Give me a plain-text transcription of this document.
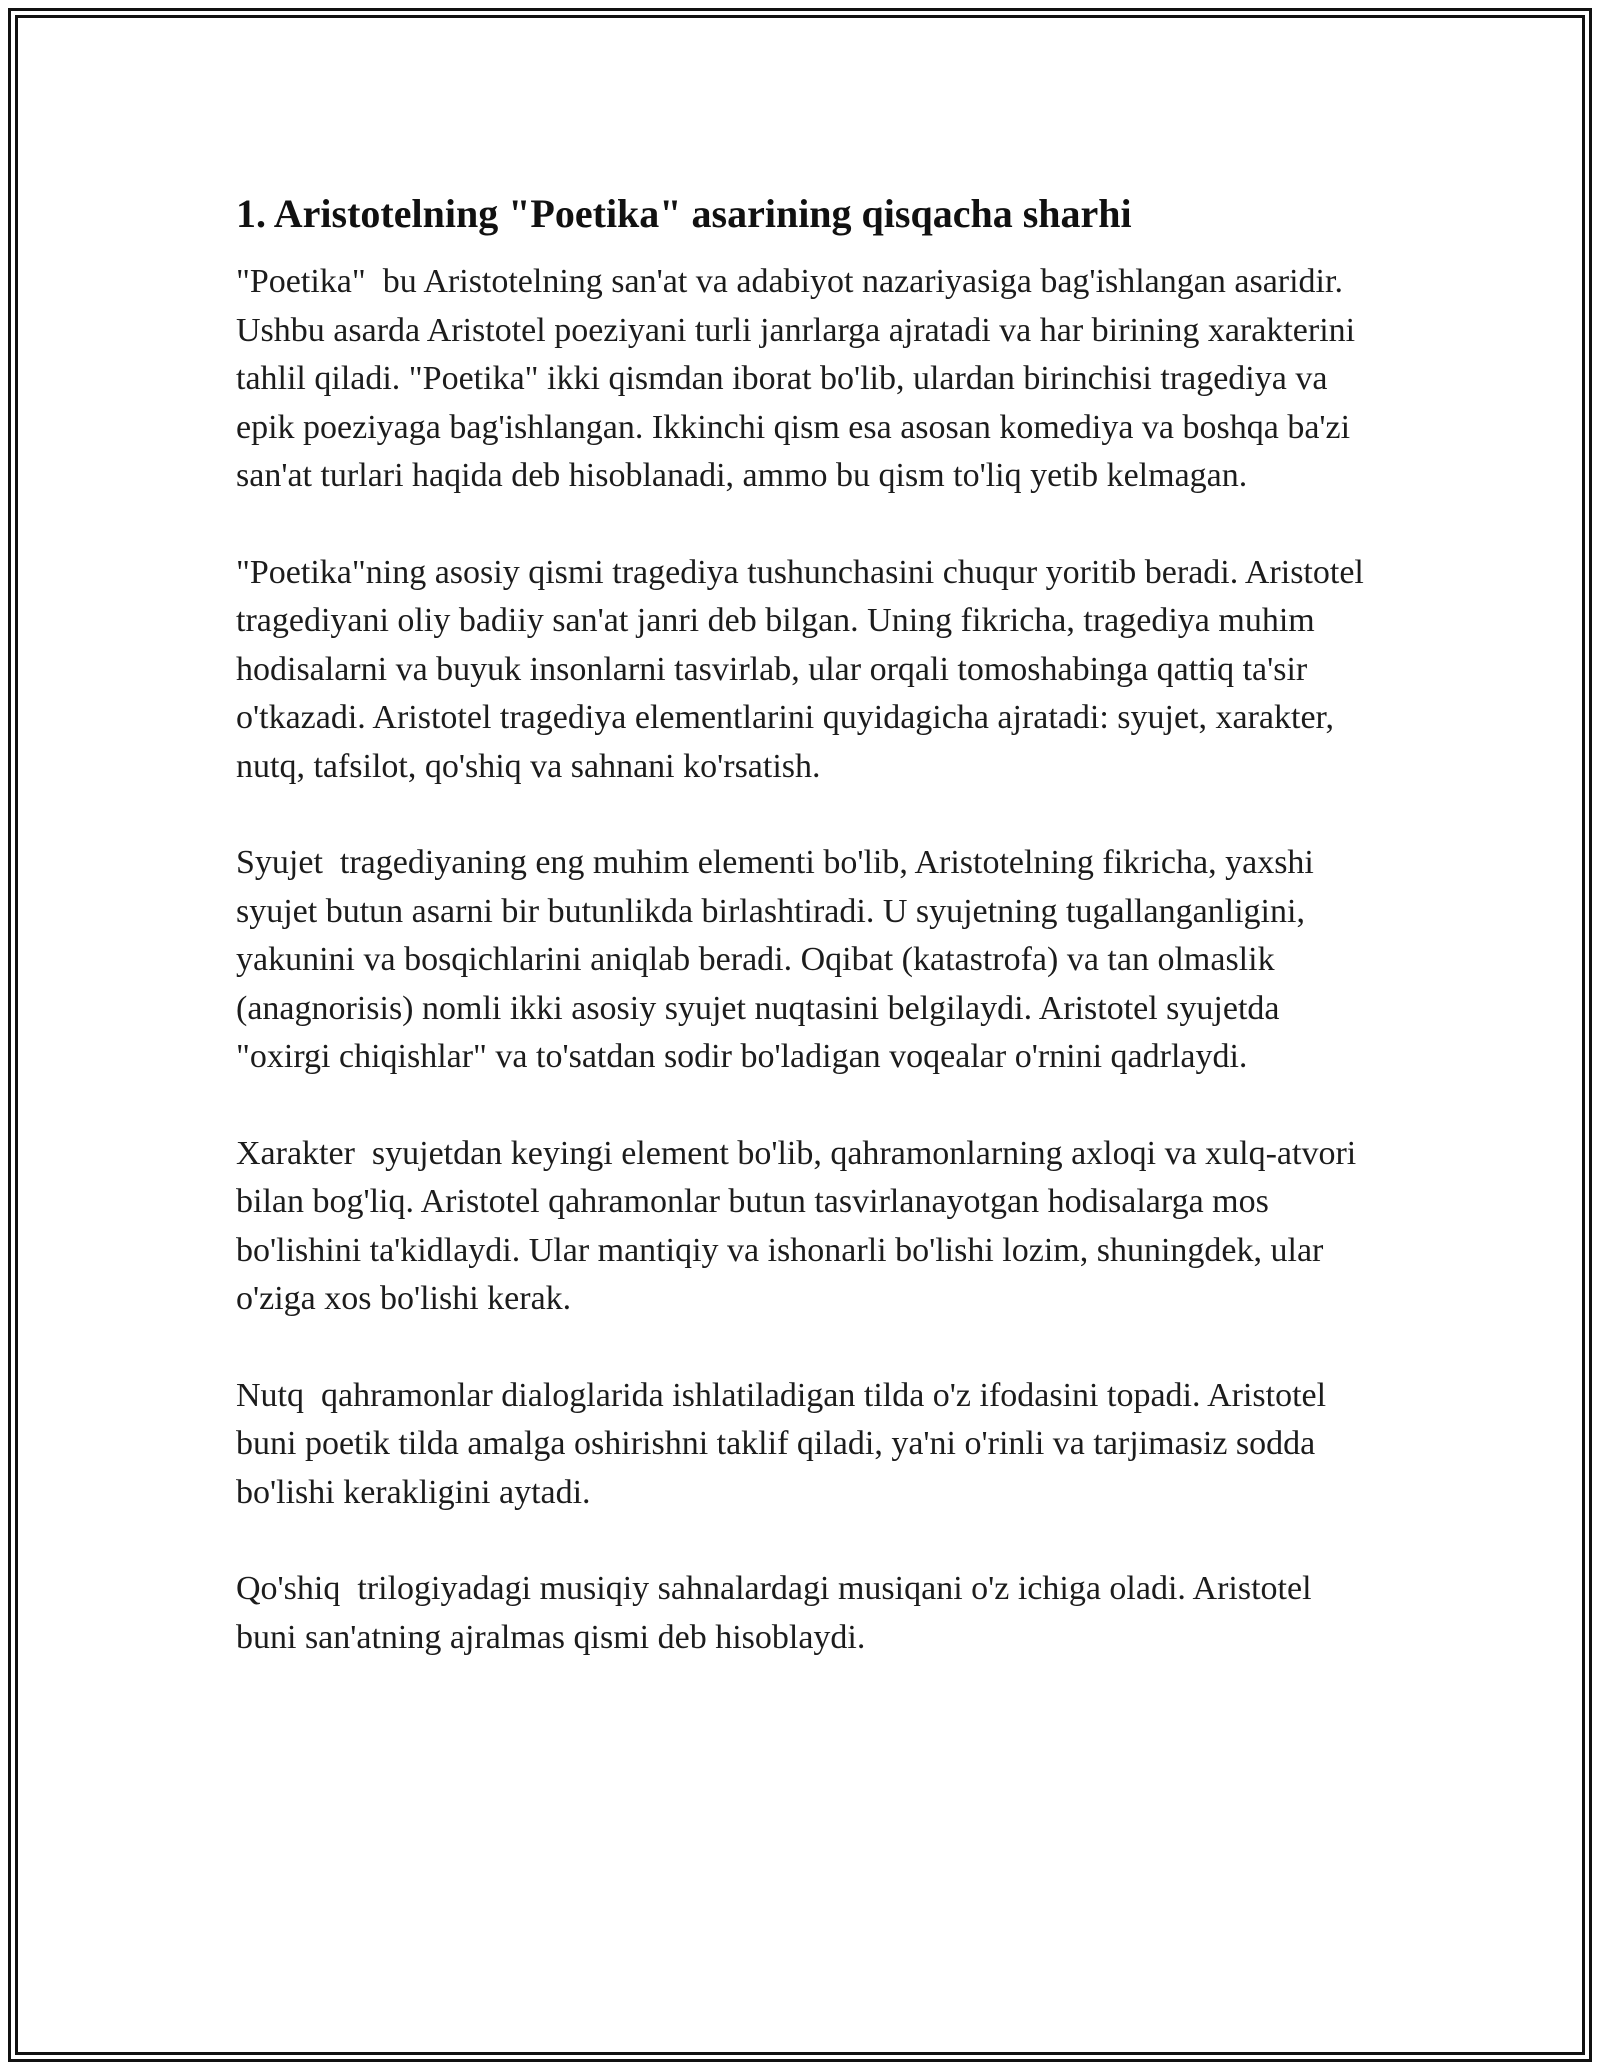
1. Aristotelning "Poetika" asarining qisqacha sharhi

"Poetika"  bu Aristotelning san'at va adabiyot nazariyasiga bag'ishlangan asaridir. Ushbu asarda Aristotel poeziyani turli janrlarga ajratadi va har birining xarakterini tahlil qiladi. "Poetika" ikki qismdan iborat bo'lib, ulardan birinchisi tragediya va epik poeziyaga bag'ishlangan. Ikkinchi qism esa asosan komediya va boshqa ba'zi san'at turlari haqida deb hisoblanadi, ammo bu qism to'liq yetib kelmagan.

"Poetika"ning asosiy qismi tragediya tushunchasini chuqur yoritib beradi. Aristotel tragediyani oliy badiiy san'at janri deb bilgan. Uning fikricha, tragediya muhim hodisalarni va buyuk insonlarni tasvirlab, ular orqali tomoshabinga qattiq ta'sir o'tkazadi. Aristotel tragediya elementlarini quyidagicha ajratadi: syujet, xarakter, nutq, tafsilot, qo'shiq va sahnani ko'rsatish.

Syujet  tragediyaning eng muhim elementi bo'lib, Aristotelning fikricha, yaxshi syujet butun asarni bir butunlikda birlashtiradi. U syujetning tugallanganligini, yakunini va bosqichlarini aniqlab beradi. Oqibat (katastrofa) va tan olmaslik (anagnorisis) nomli ikki asosiy syujet nuqtasini belgilaydi. Aristotel syujetda "oxirgi chiqishlar" va to'satdan sodir bo'ladigan voqealar o'rnini qadrlaydi.

Xarakter  syujetdan keyingi element bo'lib, qahramonlarning axloqi va xulq-atvori bilan bog'liq. Aristotel qahramonlar butun tasvirlanayotgan hodisalarga mos bo'lishini ta'kidlaydi. Ular mantiqiy va ishonarli bo'lishi lozim, shuningdek, ular o'ziga xos bo'lishi kerak.

Nutq  qahramonlar dialoglarida ishlatiladigan tilda o'z ifodasini topadi. Aristotel buni poetik tilda amalga oshirishni taklif qiladi, ya'ni o'rinli va tarjimasiz sodda bo'lishi kerakligini aytadi.

Qo'shiq  trilogiyadagi musiqiy sahnalardagi musiqani o'z ichiga oladi. Aristotel buni san'atning ajralmas qismi deb hisoblaydi.
